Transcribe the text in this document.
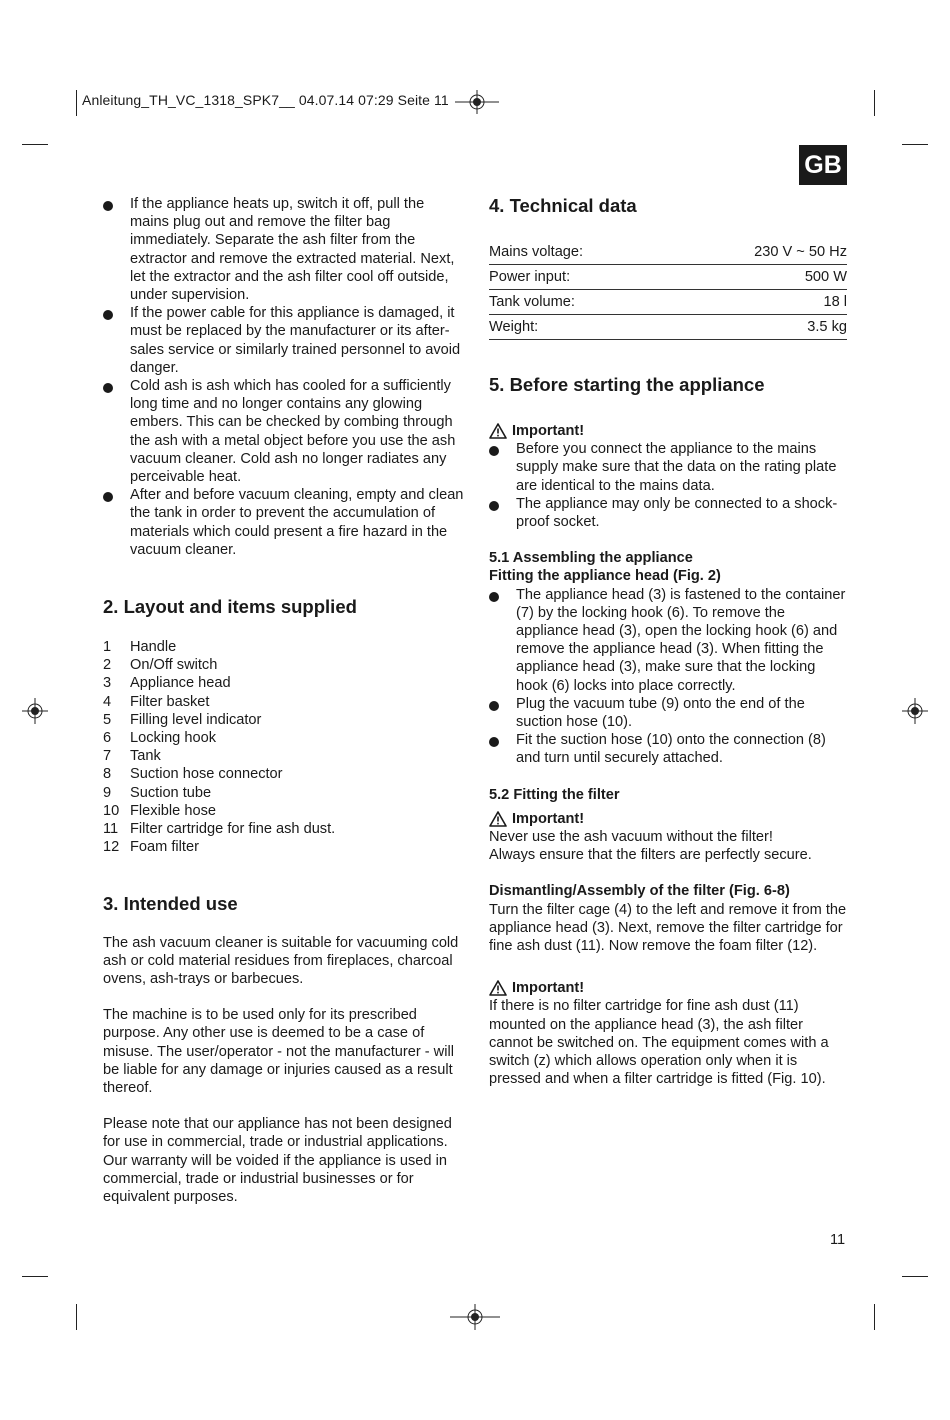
Anleitung_TH_VC_1318_SPK7__ 04.07.14 07:29 Seite 11
GB
If the appliance heats up, switch it off, pull the mains plug out and remove the filter bag immediately. Separate the ash filter from the extractor and remove the extracted material. Next, let the extractor and the ash filter cool off outside, under supervision.
If the power cable for this appliance is damaged, it must be replaced by the manufacturer or its after-sales service or similarly trained personnel to avoid danger.
Cold ash is ash which has cooled for a sufficiently long time and no longer contains any glowing embers. This can be checked by combing through the ash with a metal object before you use the ash vacuum cleaner. Cold ash no longer radiates any perceivable heat.
After and before vacuum cleaning, empty and clean the tank in order to prevent the accumulation of materials which could present a fire hazard in the vacuum cleaner.
2. Layout and items supplied
1	Handle
2	On/Off switch
3	Appliance head
4	Filter basket
5	Filling level indicator
6	Locking hook
7	Tank
8	Suction hose connector
9	Suction tube
10 Flexible hose
11 Filter cartridge for fine ash dust.
12 Foam filter
3. Intended use

The ash vacuum cleaner is suitable for vacuuming cold ash or cold material residues from fireplaces, charcoal ovens, ash-trays or barbecues.

The machine is to be used only for its prescribed purpose. Any other use is deemed to be a case of misuse. The user/operator - not the manufacturer - will be liable for any damage or injuries caused as a result thereof.

Please note that our appliance has not been designed for use in commercial, trade or industrial applications. Our warranty will be voided if the appliance is used in commercial, trade or industrial businesses or for equivalent purposes.

4. Technical data
Mains voltage:	230 V ~ 50 Hz
Power input:	500 W
Tank volume:	18 l
Weight:	3.5 kg
5. Before starting the appliance
Important!
Before you connect the appliance to the mains supply make sure that the data on the rating plate are identical to the mains data.
The appliance may only be connected to a shock-proof socket.

5.1 Assembling the appliance

Fitting the appliance head (Fig. 2)

The appliance head (3) is fastened to the container (7) by the locking hook (6). To remove the appliance head (3), open the locking hook (6) and remove the appliance head (3). When fitting the appliance head (3), make sure that the locking hook (6) locks into place correctly.
Plug the vacuum tube (9) onto the end of the suction hose (10).
Fit the suction hose (10) onto the connection (8) and turn until securely attached.

5.2 Fitting the filter

Important!

Never use the ash vacuum without the filter!
Always ensure that the filters are perfectly secure.

Dismantling/Assembly of the filter (Fig. 6-8)

Turn the filter cage (4) to the left and remove it from the appliance head (3). Next, remove the filter cartridge for fine ash dust (11). Now remove the foam filter (12).

Important!

If there is no filter cartridge for fine ash dust (11) mounted on the appliance head (3), the ash filter cannot be switched on. The equipment comes with a switch (z) which allows operation only when it is pressed and when a filter cartridge is fitted (Fig. 10).

11
